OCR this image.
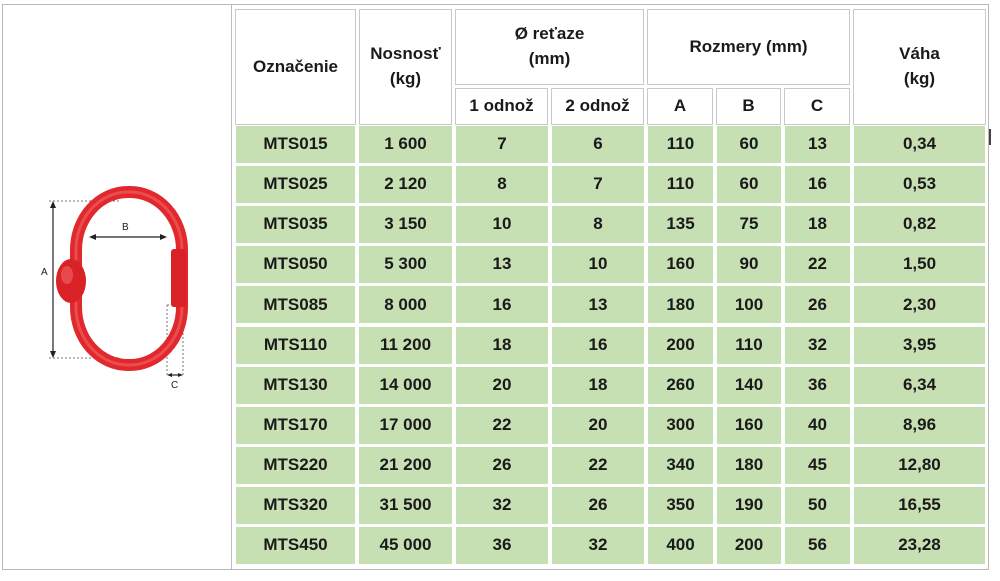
A
B
C
Označenie
Nosnosť
(kg)
Ø reťaze
(mm)
1 odnož	2 odnož
Rozmery (mm)
A	B	C
Váha
(kg)
MTS015	1 600	7	6	110	60	13	0,34
MTS025	2 120	8	7	110	60	16	0,53
MTS035	3 150	10	8	135	75	18	0,82
MTS050	5 300	13	10	160	90	22	1,50
MTS085	8 000	16	13	180	100	26	2,30
MTS110	11 200	18	16	200	110	32	3,95
MTS130	14 000	20	18	260	140	36	6,34
MTS170	17 000	22	20	300	160	40	8,96
MTS220	21 200	26	22	340	180	45	12,80
MTS320	31 500	32	26	350	190	50	16,55
MTS450	45 000	36	32	400	200	56	23,28
